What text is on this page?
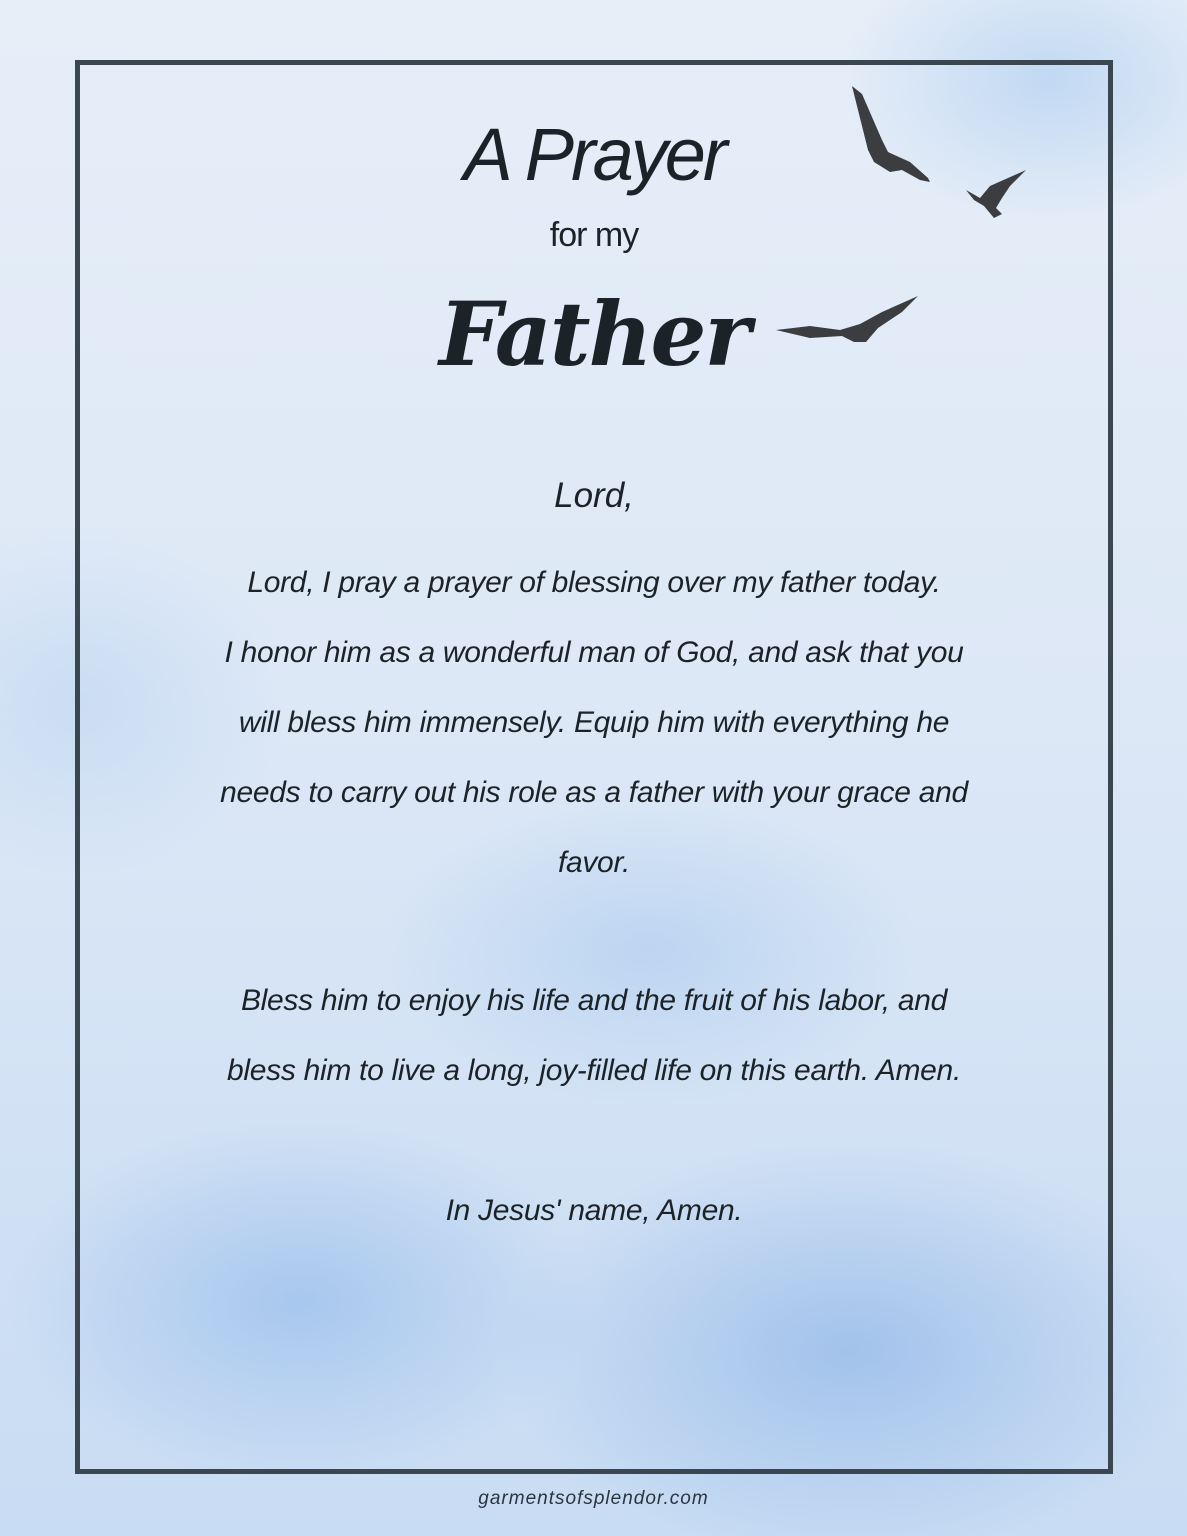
A Prayer
for my
Father
Lord,
Lord, I pray a prayer of blessing over my father today.
I honor him as a wonderful man of God, and ask that you
will bless him immensely. Equip him with everything he
needs to carry out his role as a father with your grace and
favor.
Bless him to enjoy his life and the fruit of his labor, and
bless him to live a long, joy-filled life on this earth. Amen.
In Jesus' name, Amen.
garmentsofsplendor.com
